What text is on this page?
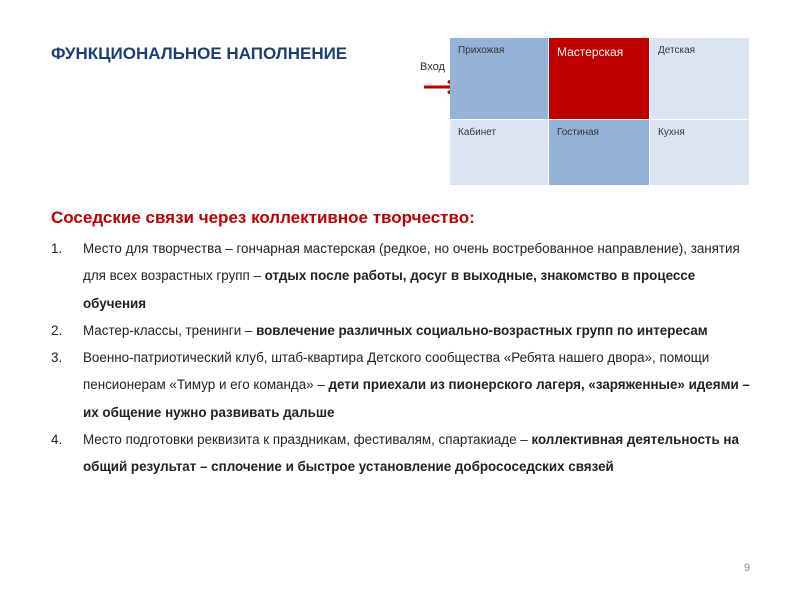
ФУНКЦИОНАЛЬНОЕ НАПОЛНЕНИЕ
Вход
Прихожая	Мастерская	Детская
Кабинет	Гостиная	Кухня
Соседские связи через коллективное творчество:
1. Место для творчества – гончарная мастерская (редкое, но очень востребованное направление), занятия для всех возрастных групп – отдых после работы, досуг в выходные, знакомство в процессе обучения
2. Мастер-классы, тренинги – вовлечение различных социально-возрастных групп по интересам
3. Военно-патриотический клуб, штаб-квартира Детского сообщества «Ребята нашего двора», помощи пенсионерам «Тимур и его команда» – дети приехали из пионерского лагеря, «заряженные» идеями – их общение нужно развивать дальше
4. Место подготовки реквизита к праздникам, фестивалям, спартакиаде – коллективная деятельность на общий результат – сплочение и быстрое установление добрососедских связей
9
